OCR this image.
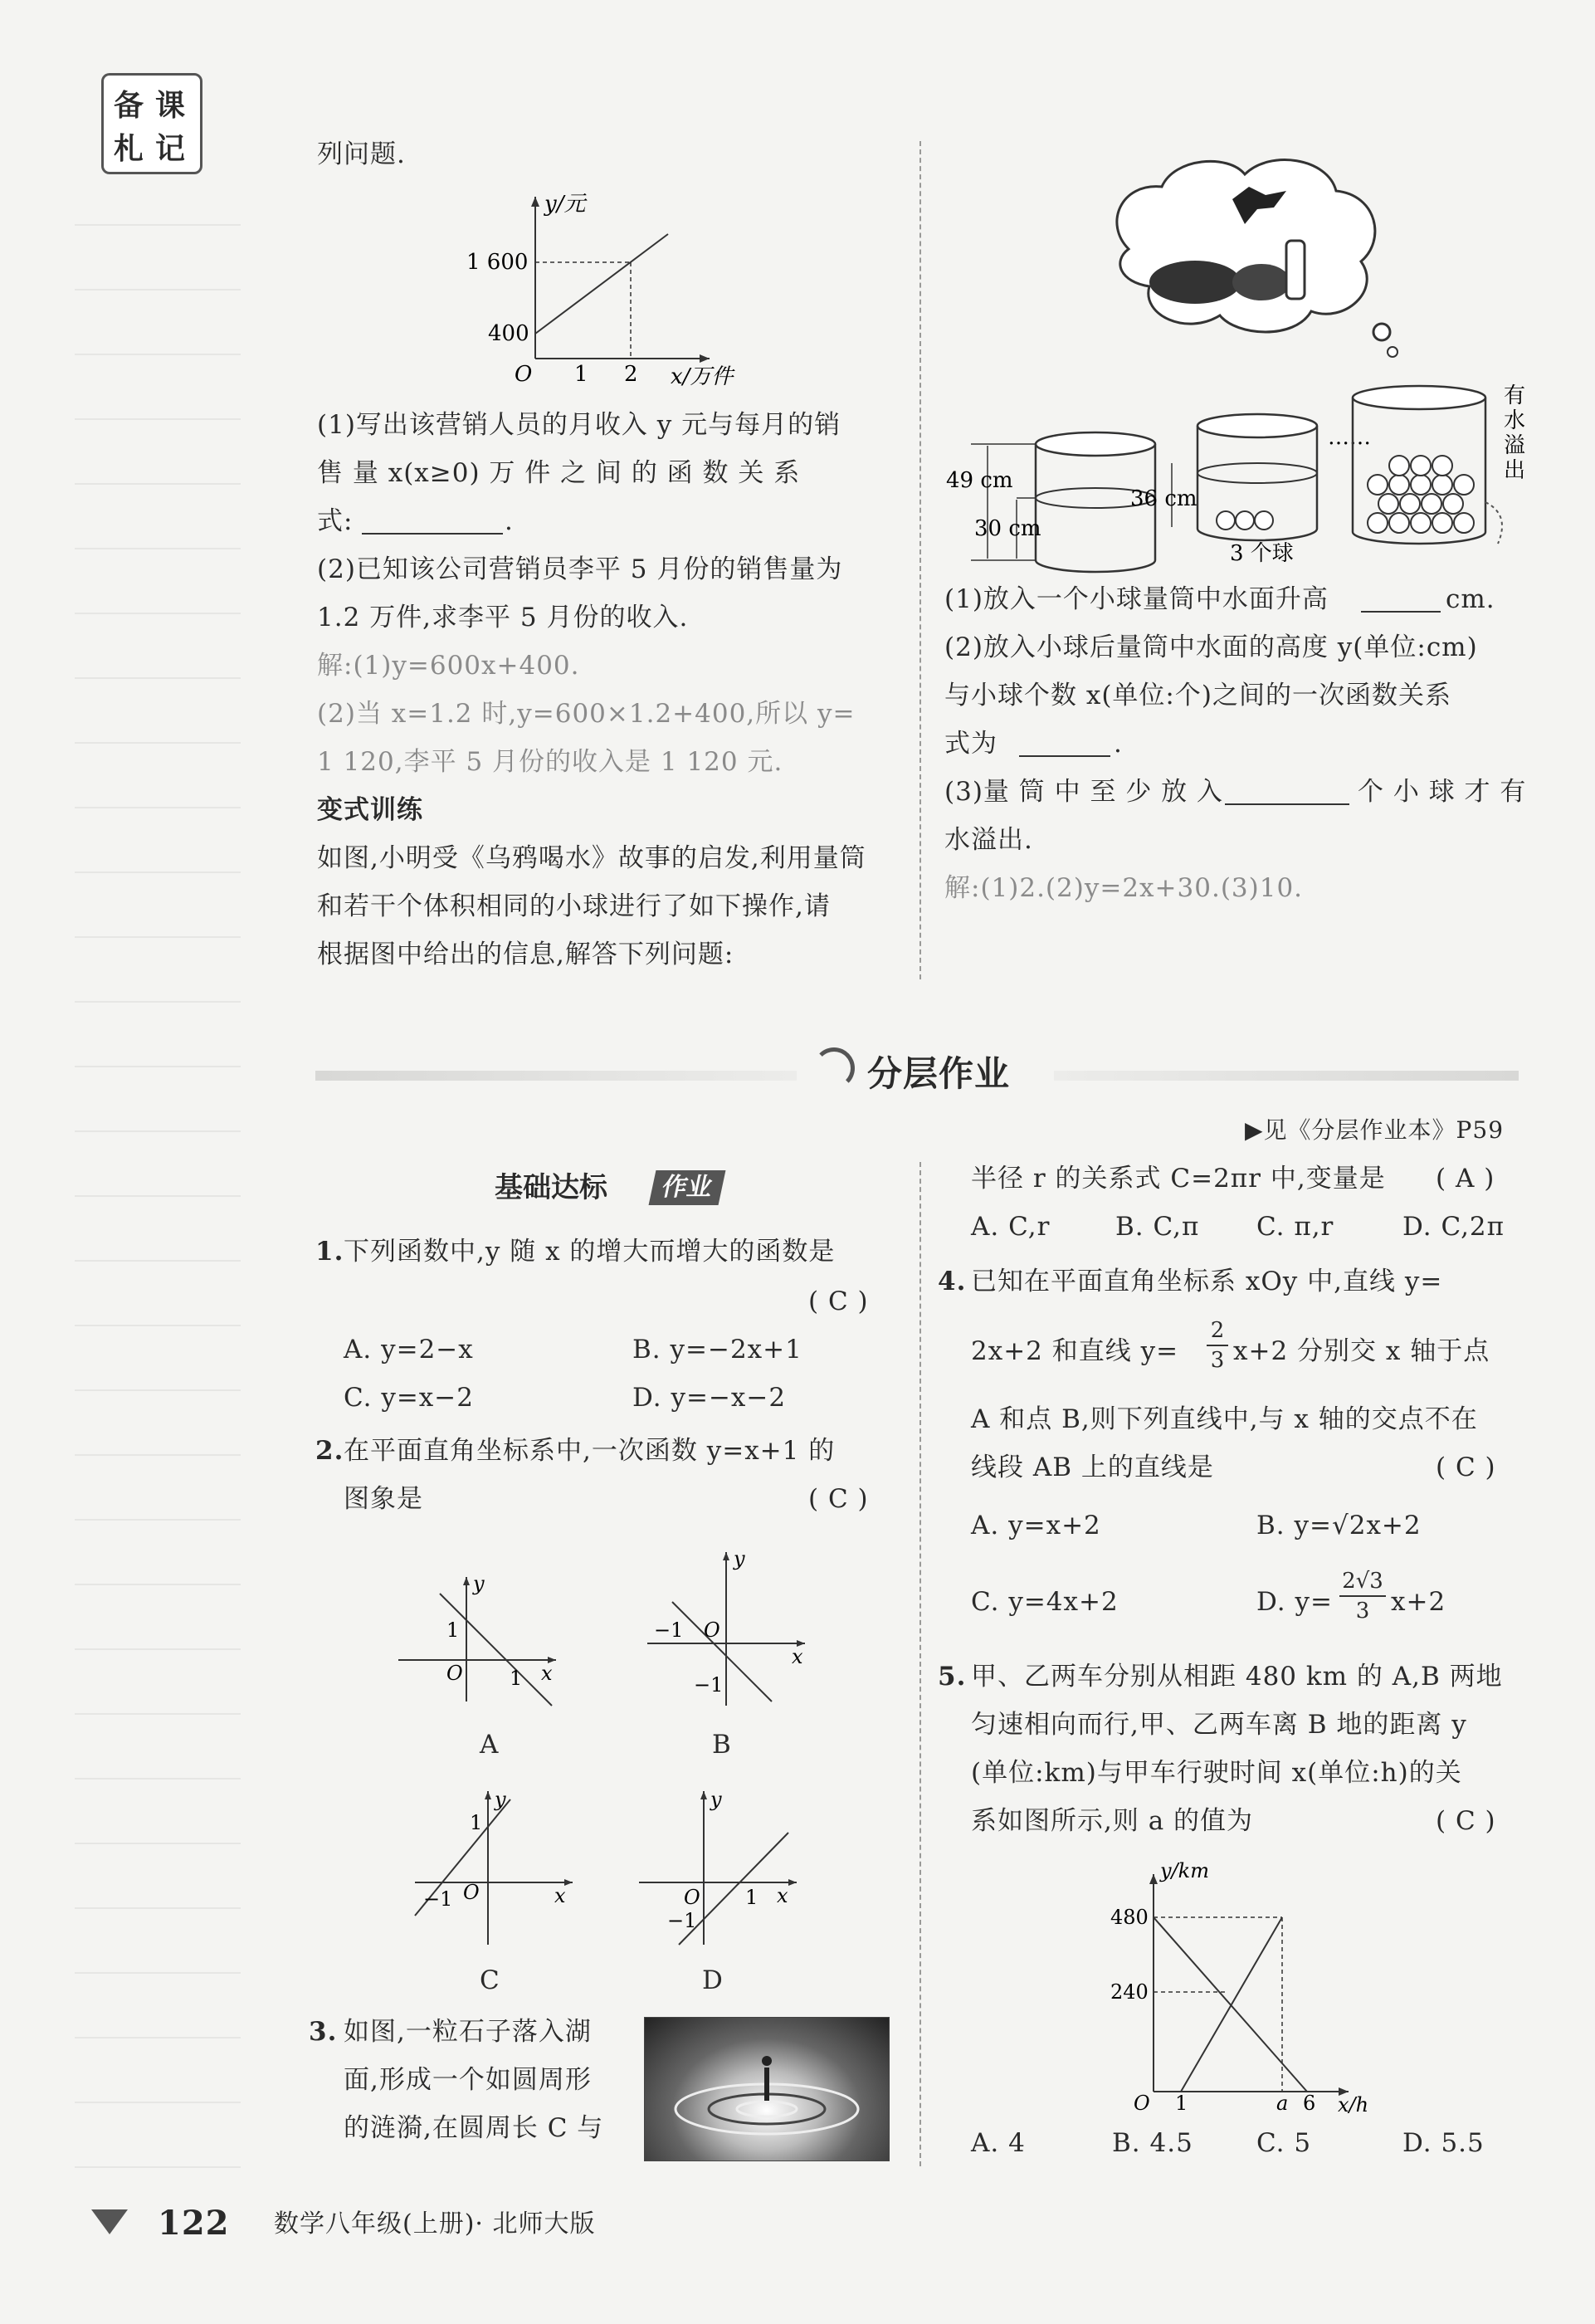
备 课
札 记	列问题.
y/元
1 600
400
O 1 2 x/万件
(1)写出该营销人员的月收入 y 元与每月的销
售 量 x(x≥0) 万 件 之 间 的 函 数 关 系
式:	.
(2)已知该公司营销员李平 5 月份的销售量为
1.2 万件,求李平 5 月份的收入.
解:(1)y=600x+400.
(2)当 x=1.2 时,y=600×1.2+400,所以 y=
1 120,李平 5 月份的收入是 1 120 元.
变式训练
如图,小明受《乌鸦喝水》故事的启发,利用量筒
和若干个体积相同的小球进行了如下操作,请
根据图中给出的信息,解答下列问题:
49 cm
30 cm
36 cm
3 个球
……
有
水
溢
出
(1)放入一个小球量筒中水面升高	cm.
(2)放入小球后量筒中水面的高度 y(单位:cm)
与小球个数 x(单位:个)之间的一次函数关系
式为	.
(3)量 筒 中 至 少 放 入	个 小 球 才 有
水溢出.
解:(1)2.(2)y=2x+30.(3)10.
分层作业
▶见《分层作业本》P59
基础达标	作业
1. 下列函数中,y 随 x 的增大而增大的函数是
( C )
A. y=2−x	B. y=−2x+1
C. y=x−2	D. y=−x−2
2. 在平面直角坐标系中,一次函数 y=x+1 的
图象是	( C )
y
x
1
O 1
A
y
x
−1 O
−1
B
y
x
1
−1 O
C
y
x
O 1
−1
D
3. 如图,一粒石子落入湖
面,形成一个如圆周形
的涟漪,在圆周长 C 与
半径 r 的关系式 C=2πr 中,变量是 ( A )
A. C,r	B. C,π C. π,r	D. C,2π
4. 已知在平面直角坐标系 xOy 中,直线 y=
2x+2 和直线 $y= \frac{2}{3} x+2$ 分别交 x 轴于点
A 和点 B,则下列直线中,与 x 轴的交点不在
线段 AB 上的直线是	( C )
A. y=x+2	B. y=√2x+2
C. y=4x+2	D. $y= \frac{2√3}{3} x+2$
5. 甲、乙两车分别从相距 480 km 的 A,B 两地
匀速相向而行,甲、乙两车离 B 地的距离 y
(单位:km)与甲车行驶时间 x(单位:h)的关
系如图所示,则 a 的值为	( C )
y/km
480
240
O 1	a 6 x/h
A. 4	B. 4.5 C. 5	D. 5.5
122 数学八年级(上册)· 北师大版
